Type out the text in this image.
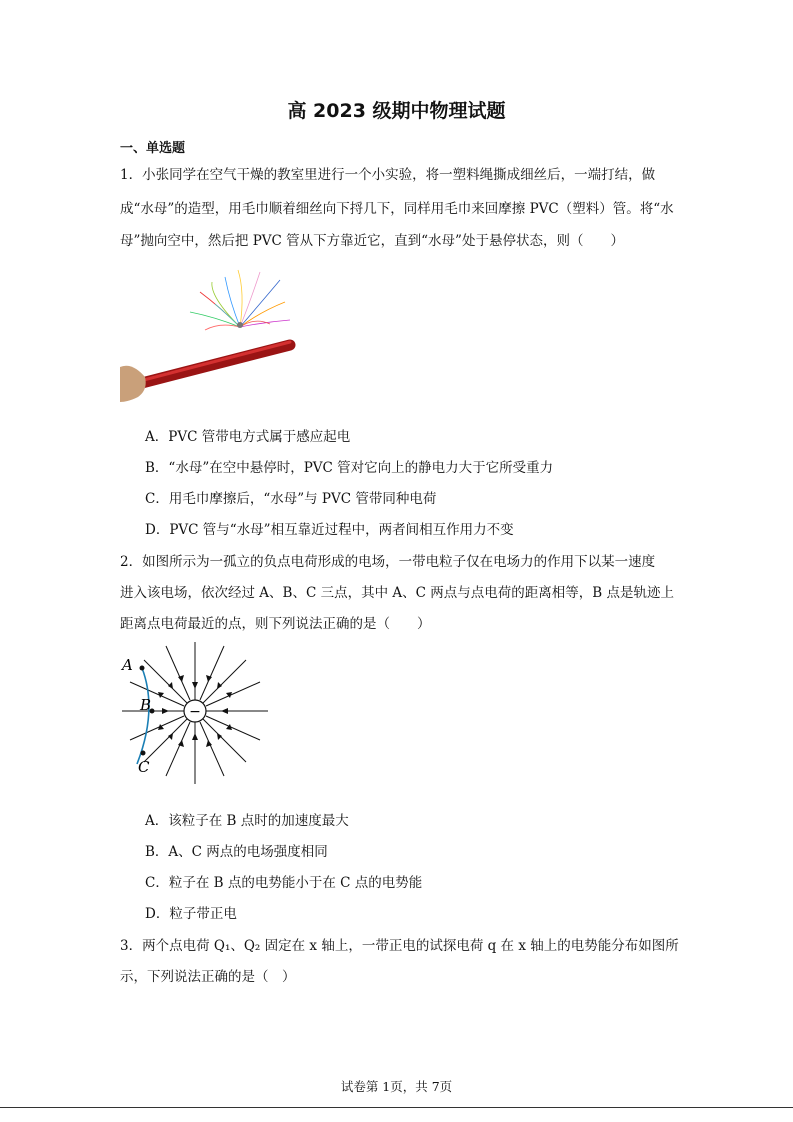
高 2023 级期中物理试题
一、单选题
1．小张同学在空气干燥的教室里进行一个小实验，将一塑料绳撕成细丝后，一端打结，做
成“水母”的造型，用毛巾顺着细丝向下捋几下，同样用毛巾来回摩擦 PVC（塑料）管。将“水
母”抛向空中，然后把 PVC 管从下方靠近它，直到“水母”处于悬停状态，则（　　）
A．PVC 管带电方式属于感应起电
B．“水母”在空中悬停时，PVC 管对它向上的静电力大于它所受重力
C．用毛巾摩擦后，“水母”与 PVC 管带同种电荷
D．PVC 管与“水母”相互靠近过程中，两者间相互作用力不变
2．如图所示为一孤立的负点电荷形成的电场，一带电粒子仅在电场力的作用下以某一速度
进入该电场，依次经过 A、B、C 三点，其中 A、C 两点与点电荷的距离相等，B 点是轨迹上
距离点电荷最近的点，则下列说法正确的是（　　）
−
A
B
C
A．该粒子在 B 点时的加速度最大
B．A、C 两点的电场强度相同
C．粒子在 B 点的电势能小于在 C 点的电势能
D．粒子带正电
3．两个点电荷 Q₁、Q₂ 固定在 x 轴上，一带正电的试探电荷 q 在 x 轴上的电势能分布如图所
示，下列说法正确的是（　）
试卷第 1页，共 7页
